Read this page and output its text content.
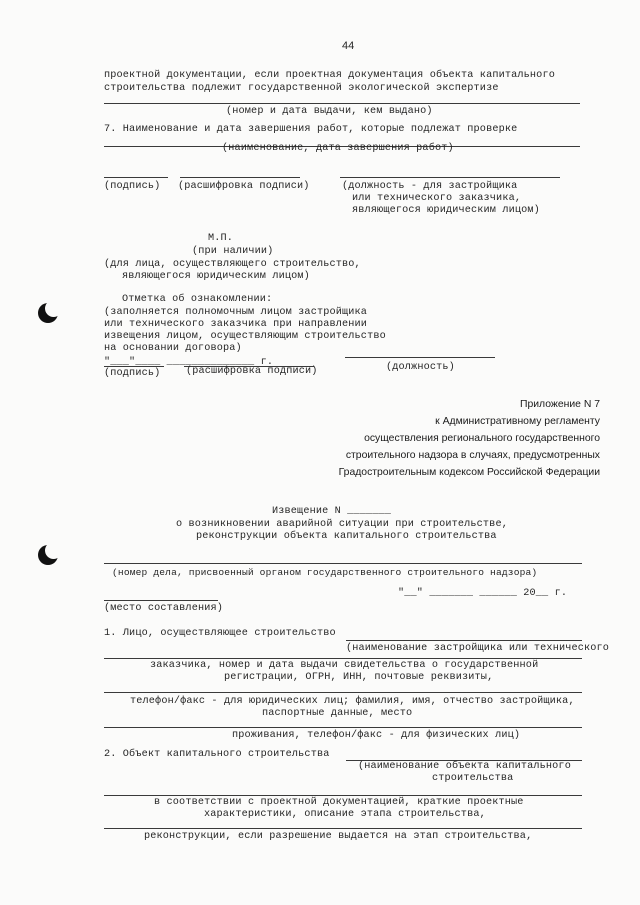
44
проектной документации, если проектная документация объекта капитального
строительства подлежит государственной экологической экспертизе
(номер и дата выдачи, кем выдано)
7. Наименование и дата завершения работ, которые подлежат проверке
(наименование, дата завершения работ)
(подпись) (расшифровка подписи)	(должность - для застройщика
или технического заказчика,
являющегося юридическим лицом)
М.П.
(при наличии)
(для лица, осуществляющего строительство,
являющегося юридическим лицом)
Отметка об ознакомлении:
(заполняется полномочным лицом застройщика
или технического заказчика при направлении
извещения лицом, осуществляющим строительство
на основании договора)
"___"____ ______________ г.
(подпись)	(расшифровка подписи)	(должность)
Приложение N 7
к Административному регламенту
осуществления регионального государственного
строительного надзора в случаях, предусмотренных
Градостроительным кодексом Российской Федерации
Извещение N _______
о возникновении аварийной ситуации при строительстве,
реконструкции объекта капитального строительства
(номер дела, присвоенный органом государственного строительного надзора)
"__" _______ ______ 20__ г.
(место составления)
1. Лицо, осуществляющее строительство
(наименование застройщика или технического
заказчика, номер и дата выдачи свидетельства о государственной
регистрации, ОГРН, ИНН, почтовые реквизиты,
телефон/факс - для юридических лиц; фамилия, имя, отчество застройщика,
паспортные данные, место
проживания, телефон/факс - для физических лиц)
2. Объект капитального строительства
(наименование объекта капитального
строительства
в соответствии с проектной документацией, краткие проектные
характеристики, описание этапа строительства,
реконструкции, если разрешение выдается на этап строительства,
